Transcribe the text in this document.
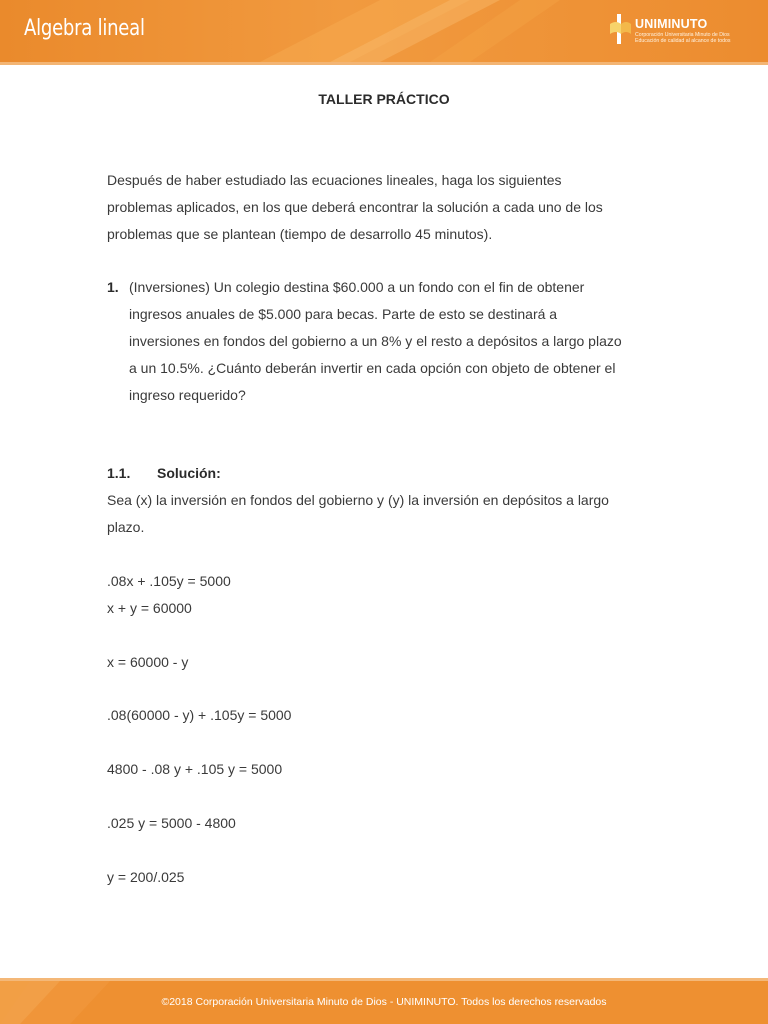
Algebra lineal	UNIMINUTO
Corporación Universitaria Minuto de Dios
Educación de calidad al alcance de todos
TALLER PRÁCTICO

Después de haber estudiado las ecuaciones lineales, haga los siguientes

problemas aplicados, en los que deberá encontrar la solución a cada uno de los

problemas que se plantean (tiempo de desarrollo 45 minutos).

1. (Inversiones) Un colegio destina $60.000 a un fondo con el fin de obtener

ingresos anuales de $5.000 para becas. Parte de esto se destinará a

inversiones en fondos del gobierno a un 8% y el resto a depósitos a largo plazo

a un 10.5%. ¿Cuánto deberán invertir en cada opción con objeto de obtener el

ingreso requerido?

1.1. Solución:

Sea (x) la inversión en fondos del gobierno y (y) la inversión en depósitos a largo

plazo.

.08x + .105y = 5000
x + y = 60000
x = 60000 - y
.08(60000 - y) + .105y = 5000
4800 - .08 y + .105 y = 5000
.025 y = 5000 - 4800
y = 200/.025
©2018 Corporación Universitaria Minuto de Dios - UNIMINUTO. Todos los derechos reservados
